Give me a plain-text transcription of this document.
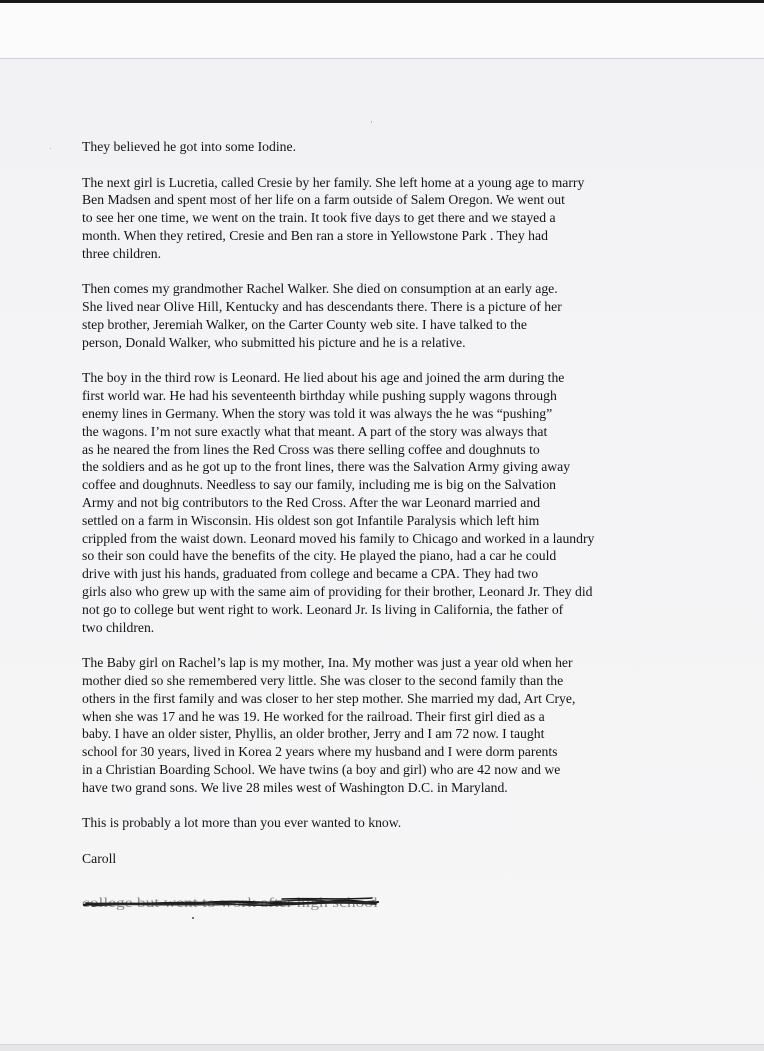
They believed he got into some Iodine.
The next girl is Lucretia, called Cresie by her family. She left home at a young age to marry
Ben Madsen and spent most of her life on a farm outside of Salem Oregon. We went out
to see her one time, we went on the train. It took five days to get there and we stayed a
month. When they retired, Cresie and Ben ran a store in Yellowstone Park . They had
three children.
Then comes my grandmother Rachel Walker. She died on consumption at an early age.
She lived near Olive Hill, Kentucky and has descendants there. There is a picture of her
step brother, Jeremiah Walker, on the Carter County web site. I have talked to the
person, Donald Walker, who submitted his picture and he is a relative.
The boy in the third row is Leonard. He lied about his age and joined the arm during the
first world war. He had his seventeenth birthday while pushing supply wagons through
enemy lines in Germany. When the story was told it was always the he was “pushing”
the wagons. I’m not sure exactly what that meant. A part of the story was always that
as he neared the from lines the Red Cross was there selling coffee and doughnuts to
the soldiers and as he got up to the front lines, there was the Salvation Army giving away
coffee and doughnuts. Needless to say our family, including me is big on the Salvation
Army and not big contributors to the Red Cross. After the war Leonard married and
settled on a farm in Wisconsin. His oldest son got Infantile Paralysis which left him
crippled from the waist down. Leonard moved his family to Chicago and worked in a laundry
so their son could have the benefits of the city. He played the piano, had a car he could
drive with just his hands, graduated from college and became a CPA. They had two
girls also who grew up with the same aim of providing for their brother, Leonard Jr. They did
not go to college but went right to work. Leonard Jr. Is living in California, the father of
two children.
The Baby girl on Rachel’s lap is my mother, Ina. My mother was just a year old when her
mother died so she remembered very little. She was closer to the second family than the
others in the first family and was closer to her step mother. She married my dad, Art Crye,
when she was 17 and he was 19. He worked for the railroad. Their first girl died as a
baby. I have an older sister, Phyllis, an older brother, Jerry and I am 72 now. I taught
school for 30 years, lived in Korea 2 years where my husband and I were dorm parents
in a Christian Boarding School. We have twins (a boy and girl) who are 42 now and we
have two grand sons. We live 28 miles west of Washington D.C. in Maryland.
This is probably a lot more than you ever wanted to know.
Caroll
college but went to work after high school
